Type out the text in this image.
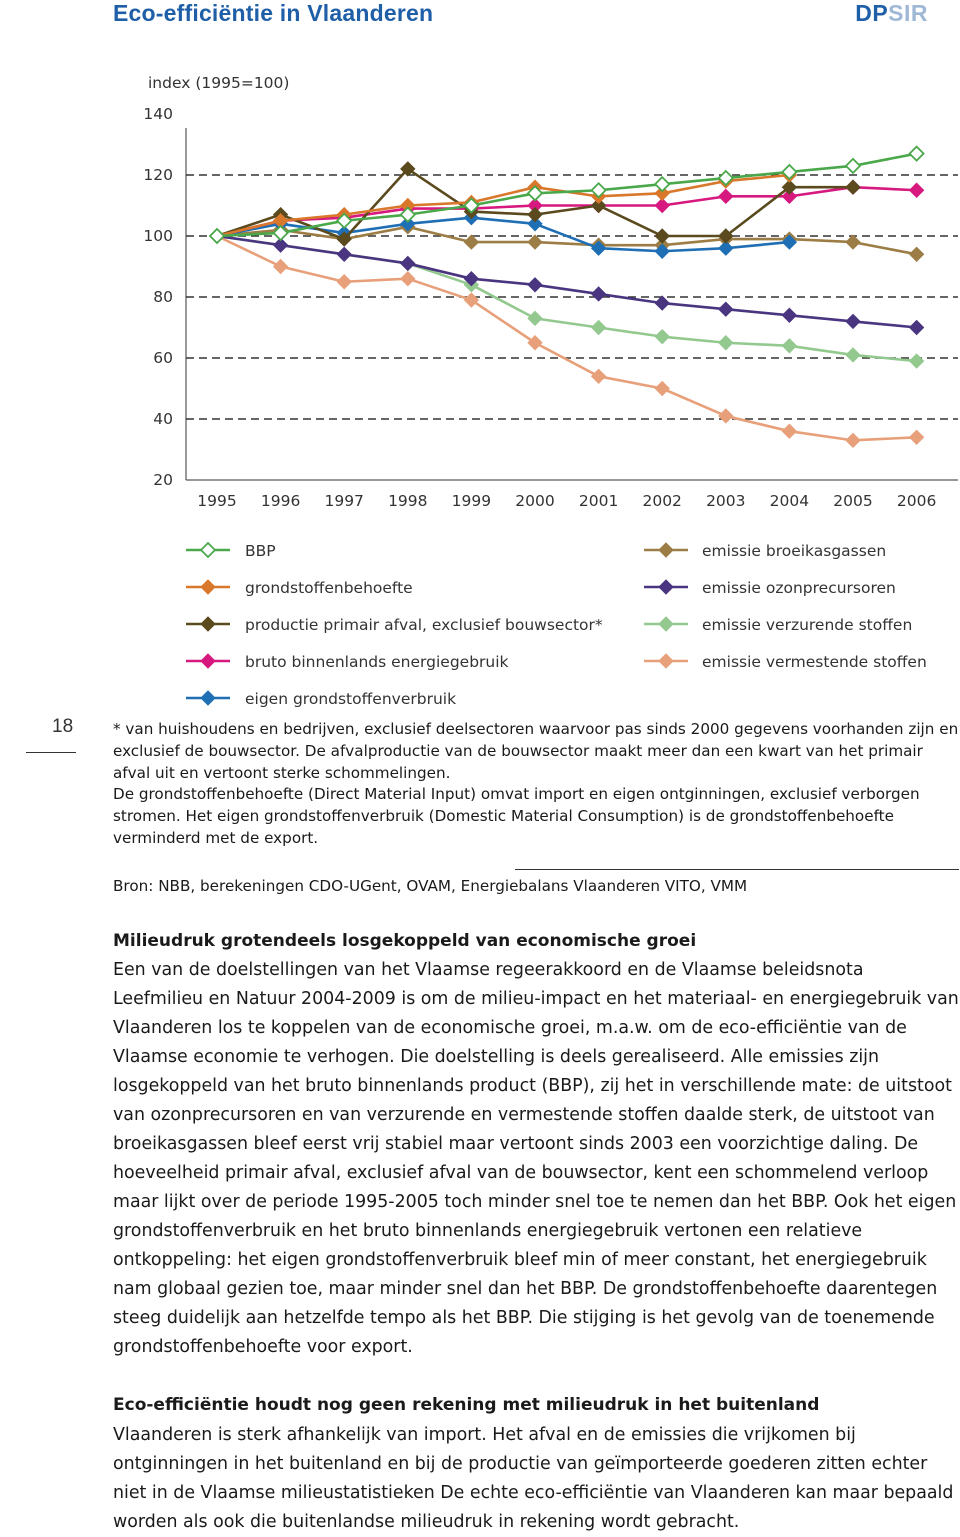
Eco-efficiëntie in Vlaanderen	DPSIR
index (1995=100)
20
40
60
80
100
120
140
1995 1996 1997 1998 1999 2000 2001 2002 2003 2004 2005 2006
BBP
grondstoffenbehoefte
productie primair afval, exclusief bouwsector*
bruto binnenlands energiegebruik
eigen grondstoffenverbruik
emissie broeikasgassen
emissie ozonprecursoren
emissie verzurende stoffen
emissie vermestende stoffen
18	* van huishoudens en bedrijven, exclusief deelsectoren waarvoor pas sinds 2000 gegevens voorhanden zijn en exclusief de bouwsector. De afvalproductie van de bouwsector maakt meer dan een kwart van het primair afval uit en vertoont sterke schommelingen.

De grondstoffenbehoefte (Direct Material Input) omvat import en eigen ontginningen, exclusief verborgen stromen. Het eigen grondstoffenverbruik (Domestic Material Consumption) is de grondstoffenbehoefte verminderd met de export.

Bron: NBB, berekeningen CDO-UGent, OVAM, Energiebalans Vlaanderen VITO, VMM
Milieudruk grotendeels losgekoppeld van economische groei

Een van de doelstellingen van het Vlaamse regeerakkoord en de Vlaamse beleidsnota Leefmilieu en Natuur 2004-2009 is om de milieu-impact en het materiaal- en energiegebruik van Vlaanderen los te koppelen van de economische groei, m.a.w. om de eco-efficiëntie van de Vlaamse economie te verhogen. Die doelstelling is deels gerealiseerd. Alle emissies zijn losgekoppeld van het bruto binnenlands product (BBP), zij het in verschillende mate: de uitstoot van ozonprecursoren en van verzurende en vermestende stoffen daalde sterk, de uitstoot van broeikasgassen bleef eerst vrij stabiel maar vertoont sinds 2003 een voorzichtige daling. De hoeveelheid primair afval, exclusief afval van de bouwsector, kent een schommelend verloop maar lijkt over de periode 1995-2005 toch minder snel toe te nemen dan het BBP. Ook het eigen grondstoffenverbruik en het bruto binnenlands energiegebruik vertonen een relatieve ontkoppeling: het eigen grondstoffenverbruik bleef min of meer constant, het energiegebruik nam globaal gezien toe, maar minder snel dan het BBP. De grondstoffenbehoefte daarentegen steeg duidelijk aan hetzelfde tempo als het BBP. Die stijging is het gevolg van de toenemende grondstoffenbehoefte voor export.

Eco-efficiëntie houdt nog geen rekening met milieudruk in het buitenland

Vlaanderen is sterk afhankelijk van import. Het afval en de emissies die vrijkomen bij ontginningen in het buitenland en bij de productie van geïmporteerde goederen zitten echter niet in de Vlaamse milieustatistieken De echte eco-efficiëntie van Vlaanderen kan maar bepaald worden als ook die buitenlandse milieudruk in rekening wordt gebracht.
